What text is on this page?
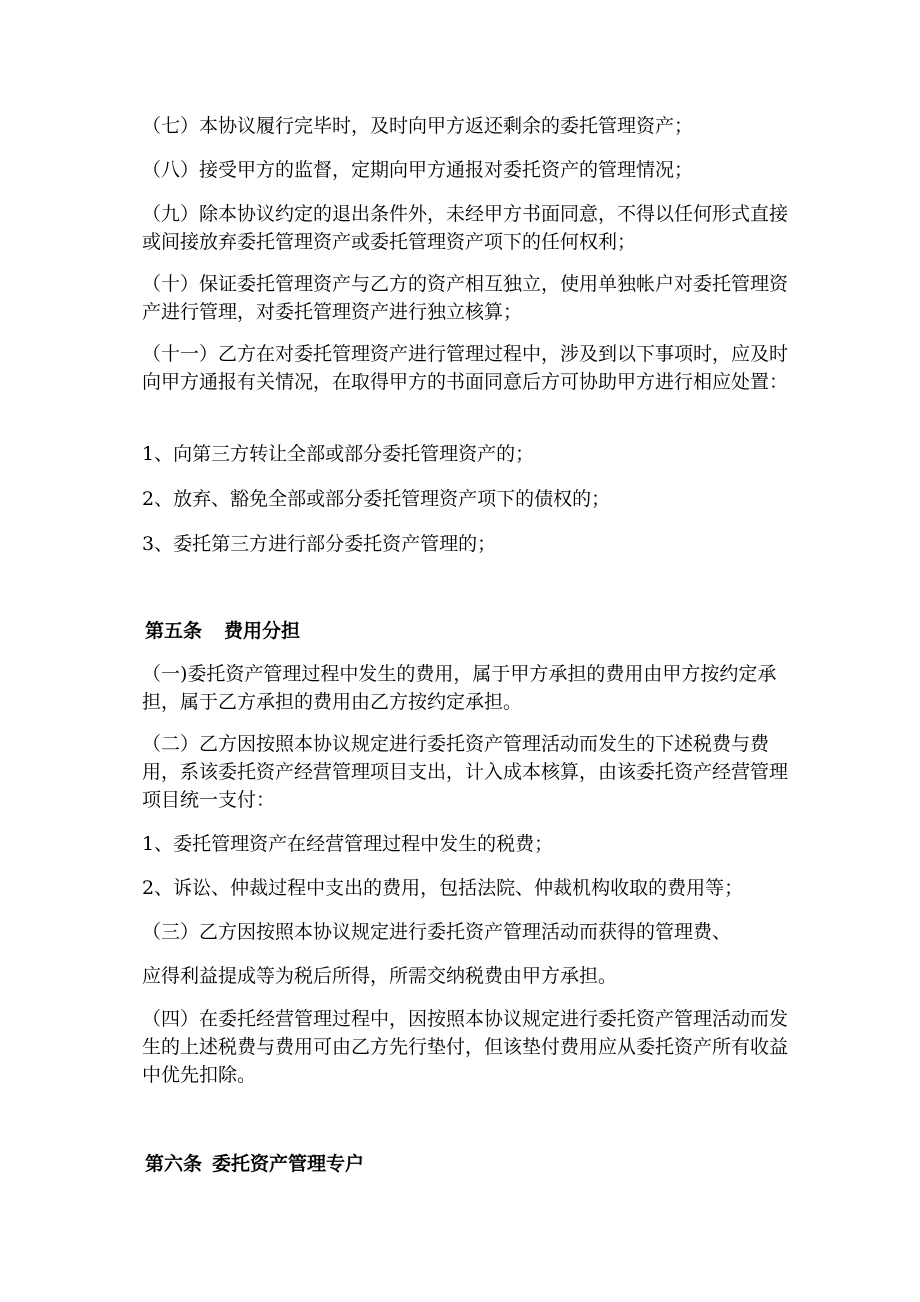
（七）本协议履行完毕时，及时向甲方返还剩余的委托管理资产；

（八）接受甲方的监督，定期向甲方通报对委托资产的管理情况；

（九）除本协议约定的退出条件外，未经甲方书面同意，不得以任何形式直接或间接放弃委托管理资产或委托管理资产项下的任何权利；

（十）保证委托管理资产与乙方的资产相互独立，使用单独帐户对委托管理资产进行管理，对委托管理资产进行独立核算；

（十一）乙方在对委托管理资产进行管理过程中，涉及到以下事项时，应及时向甲方通报有关情况，在取得甲方的书面同意后方可协助甲方进行相应处置：

1、向第三方转让全部或部分委托管理资产的；

2、放弃、豁免全部或部分委托管理资产项下的债权的；

3、委托第三方进行部分委托资产管理的；

第五条 费用分担

（一)委托资产管理过程中发生的费用，属于甲方承担的费用由甲方按约定承担，属于乙方承担的费用由乙方按约定承担。

（二）乙方因按照本协议规定进行委托资产管理活动而发生的下述税费与费用，系该委托资产经营管理项目支出，计入成本核算，由该委托资产经营管理项目统一支付：

1、委托管理资产在经营管理过程中发生的税费；

2、诉讼、仲裁过程中支出的费用，包括法院、仲裁机构收取的费用等；

（三）乙方因按照本协议规定进行委托资产管理活动而获得的管理费、

应得利益提成等为税后所得，所需交纳税费由甲方承担。

（四）在委托经营管理过程中，因按照本协议规定进行委托资产管理活动而发生的上述税费与费用可由乙方先行垫付，但该垫付费用应从委托资产所有收益中优先扣除。

第六条 委托资产管理专户
